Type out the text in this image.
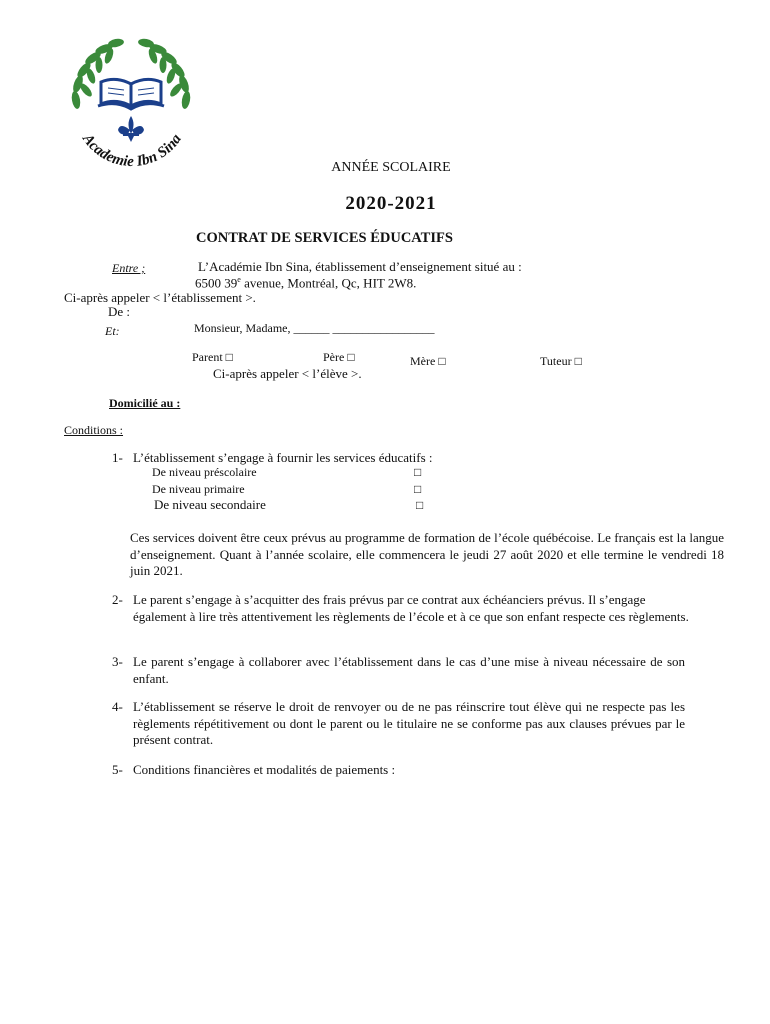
Academie Ibn Sina
ANNÉE SCOLAIRE
2020-2021
CONTRAT DE SERVICES ÉDUCATIFS
Entre ;	L’Académie Ibn Sina, établissement d’enseignement situé au :
6500 39e avenue, Montréal, Qc, HIT 2W8.
Ci-après appeler < l’établissement >.
De :
Et:	Monsieur, Madame, ______ _________________
Parent □	Père □	Mère □	Tuteur □
Ci-après appeler < l’élève >.
Domicilié au :
Conditions :
1- L’établissement s’engage à fournir les services éducatifs :
De niveau préscolaire	□
De niveau primaire	□
De niveau secondaire	□
Ces services doivent être ceux prévus au programme de formation de l’école québécoise. Le français est la langue d’enseignement. Quant à l’année scolaire, elle commencera le jeudi 27 août 2020 et elle termine le vendredi 18 juin 2021.
2- Le parent s’engage à s’acquitter des frais prévus par ce contrat aux échéanciers prévus. Il s’engage également à lire très attentivement les règlements de l’école et à ce que son enfant respecte ces règlements.
3- Le parent s’engage à collaborer avec l’établissement dans le cas d’une mise à niveau nécessaire de son enfant.
4- L’établissement se réserve le droit de renvoyer ou de ne pas réinscrire tout élève qui ne respecte pas les règlements répétitivement ou dont le parent ou le titulaire ne se conforme pas aux clauses prévues par le présent contrat.
5- Conditions financières et modalités de paiements :
